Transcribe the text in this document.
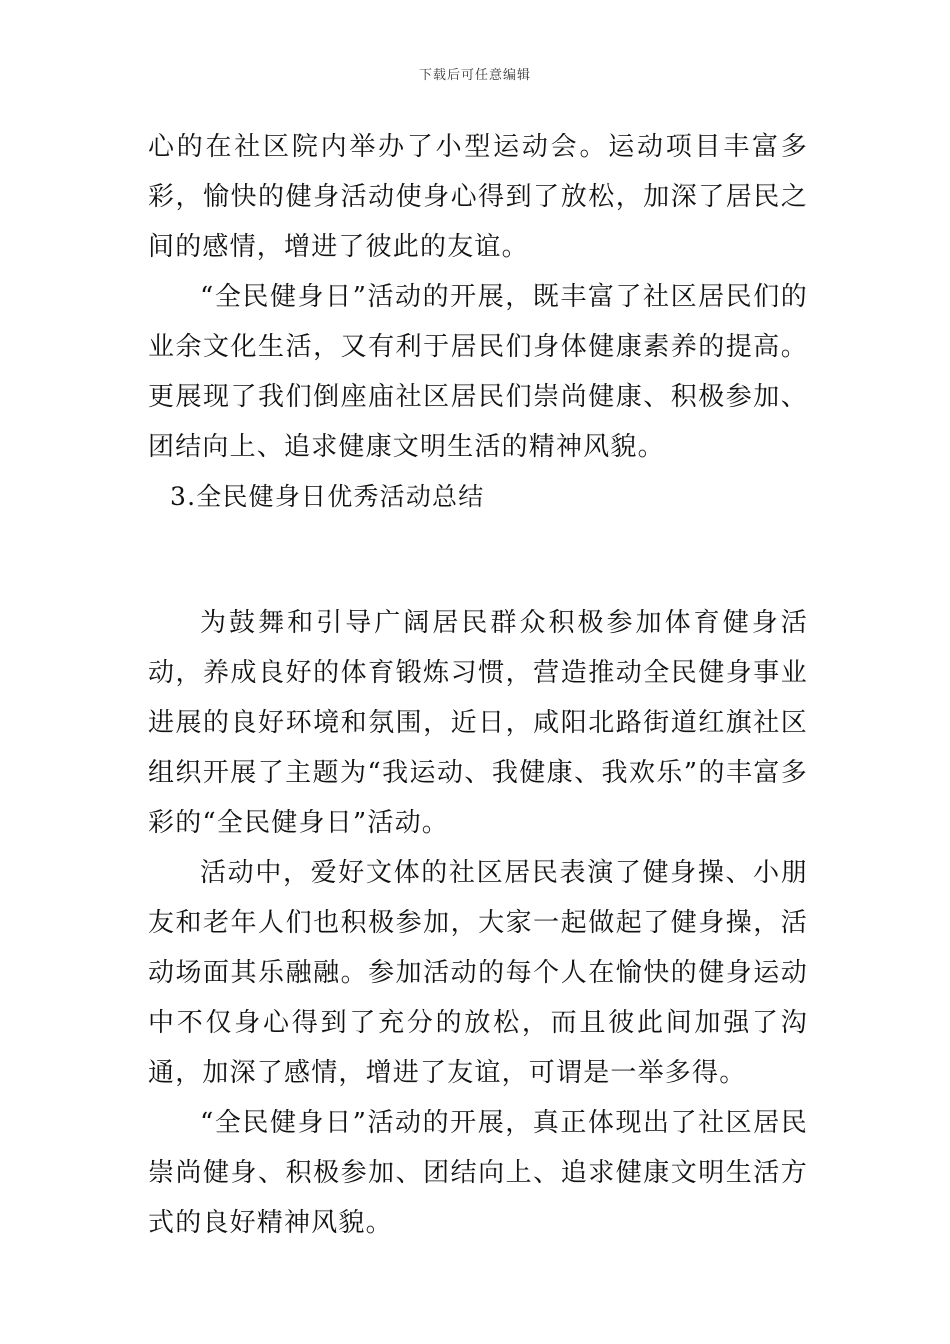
下载后可任意编辑

心的在社区院内举办了小型运动会。运动项目丰富多彩，愉快的健身活动使身心得到了放松，加深了居民之间的感情，增进了彼此的友谊。

“全民健身日”活动的开展，既丰富了社区居民们的业余文化生活，又有利于居民们身体健康素养的提高。更展现了我们倒座庙社区居民们崇尚健康、积极参加、团结向上、追求健康文明生活的精神风貌。

3.全民健身日优秀活动总结

为鼓舞和引导广阔居民群众积极参加体育健身活动，养成良好的体育锻炼习惯，营造推动全民健身事业进展的良好环境和氛围，近日，咸阳北路街道红旗社区组织开展了主题为“我运动、我健康、我欢乐”的丰富多彩的“全民健身日”活动。

活动中，爱好文体的社区居民表演了健身操、小朋友和老年人们也积极参加，大家一起做起了健身操，活动场面其乐融融。参加活动的每个人在愉快的健身运动中不仅身心得到了充分的放松，而且彼此间加强了沟通，加深了感情，增进了友谊，可谓是一举多得。

“全民健身日”活动的开展，真正体现出了社区居民崇尚健身、积极参加、团结向上、追求健康文明生活方式的良好精神风貌。
